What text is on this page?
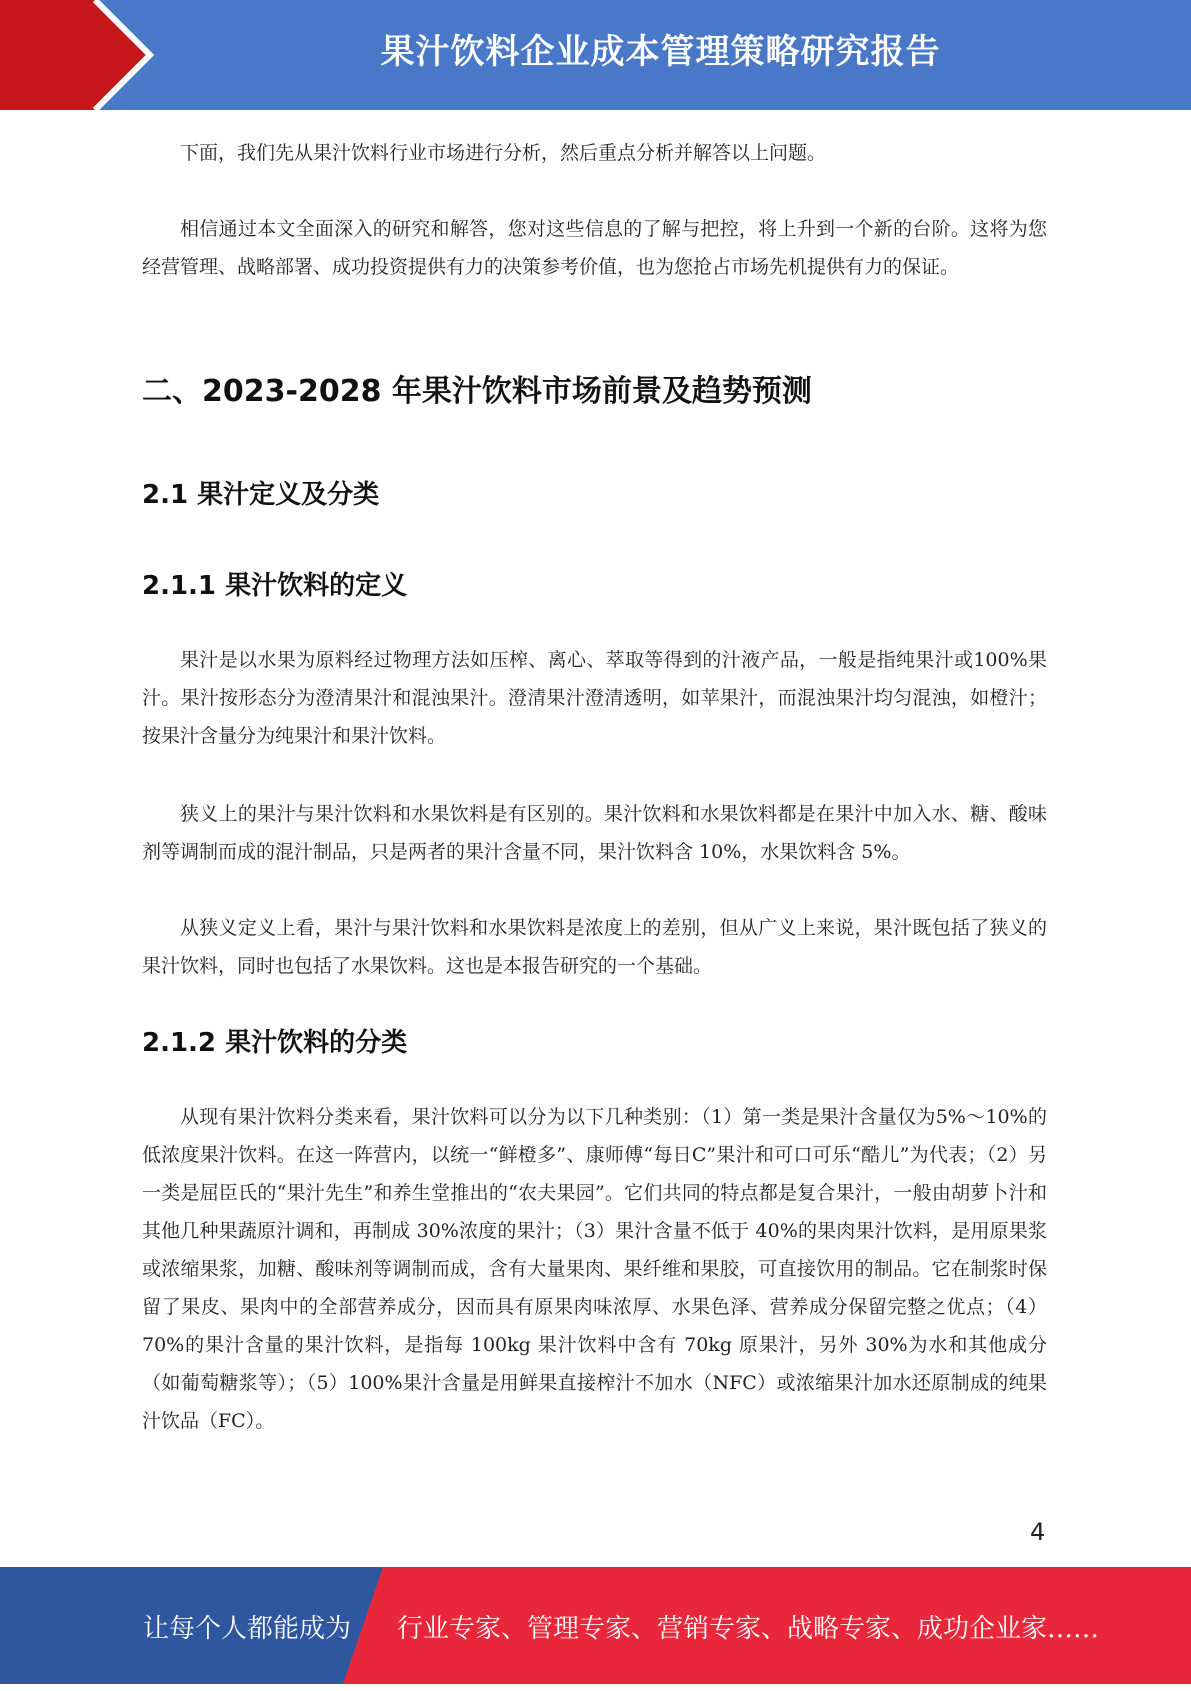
果汁饮料企业成本管理策略研究报告

下面，我们先从果汁饮料行业市场进行分析，然后重点分析并解答以上问题。

相信通过本文全面深入的研究和解答，您对这些信息的了解与把控，将上升到一个新的台阶。这将为您经营管理、战略部署、成功投资提供有力的决策参考价值，也为您抢占市场先机提供有力的保证。

二、2023-2028 年果汁饮料市场前景及趋势预测
2.1 果汁定义及分类
2.1.1 果汁饮料的定义

果汁是以水果为原料经过物理方法如压榨、离心、萃取等得到的汁液产品，一般是指纯果汁或100%果汁。果汁按形态分为澄清果汁和混浊果汁。澄清果汁澄清透明，如苹果汁，而混浊果汁均匀混浊，如橙汁；按果汁含量分为纯果汁和果汁饮料。

狭义上的果汁与果汁饮料和水果饮料是有区别的。果汁饮料和水果饮料都是在果汁中加入水、糖、酸味剂等调制而成的混汁制品，只是两者的果汁含量不同，果汁饮料含 10%，水果饮料含 5%。

从狭义定义上看，果汁与果汁饮料和水果饮料是浓度上的差别，但从广义上来说，果汁既包括了狭义的果汁饮料，同时也包括了水果饮料。这也是本报告研究的一个基础。

2.1.2 果汁饮料的分类

从现有果汁饮料分类来看，果汁饮料可以分为以下几种类别：（1）第一类是果汁含量仅为5%～10%的低浓度果汁饮料。在这一阵营内，以统一“鲜橙多”、康师傅“每日C”果汁和可口可乐“酷儿”为代表；（2）另一类是屈臣氏的“果汁先生”和养生堂推出的“农夫果园”。它们共同的特点都是复合果汁，一般由胡萝卜汁和其他几种果蔬原汁调和，再制成 30%浓度的果汁；（3）果汁含量不低于 40%的果肉果汁饮料，是用原果浆或浓缩果浆，加糖、酸味剂等调制而成，含有大量果肉、果纤维和果胶，可直接饮用的制品。它在制浆时保留了果皮、果肉中的全部营养成分，因而具有原果肉味浓厚、水果色泽、营养成分保留完整之优点；（4）70%的果汁含量的果汁饮料，是指每 100kg 果汁饮料中含有 70kg 原果汁，另外 30%为水和其他成分（如葡萄糖浆等）；（5）100%果汁含量是用鲜果直接榨汁不加水（NFC）或浓缩果汁加水还原制成的纯果汁饮品（FC）。

4
让每个人都能成为 行业专家、管理专家、营销专家、战略专家、成功企业家……
